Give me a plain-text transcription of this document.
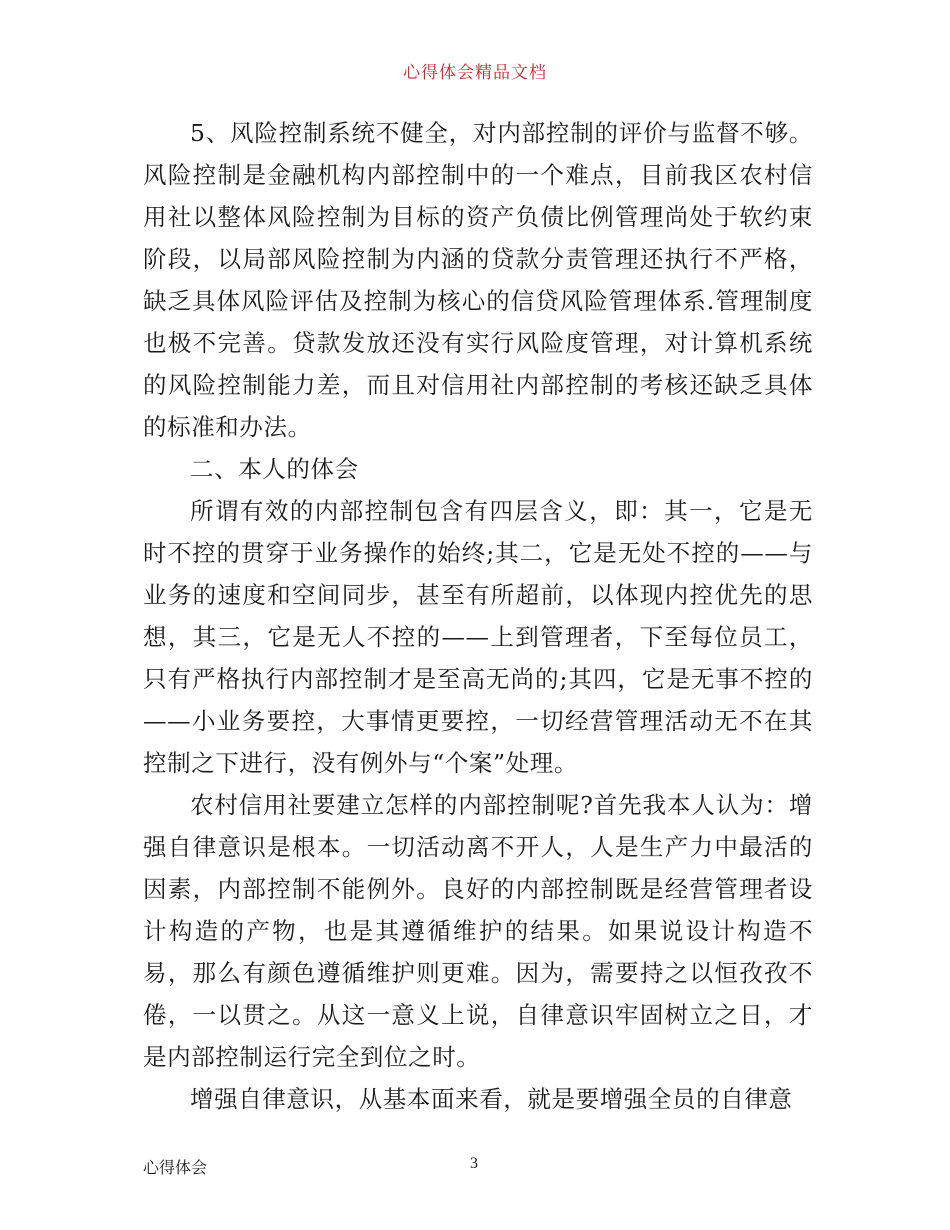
心得体会精品文档

5、风险控制系统不健全，对内部控制的评价与监督不够。风险控制是金融机构内部控制中的一个难点，目前我区农村信用社以整体风险控制为目标的资产负债比例管理尚处于软约束阶段，以局部风险控制为内涵的贷款分责管理还执行不严格，缺乏具体风险评估及控制为核心的信贷风险管理体系.管理制度也极不完善。贷款发放还没有实行风险度管理，对计算机系统的风险控制能力差，而且对信用社内部控制的考核还缺乏具体的标准和办法。

二、本人的体会

所谓有效的内部控制包含有四层含义，即：其一，它是无时不控的贯穿于业务操作的始终;其二，它是无处不控的——与业务的速度和空间同步，甚至有所超前，以体现内控优先的思想，其三，它是无人不控的——上到管理者，下至每位员工，只有严格执行内部控制才是至高无尚的;其四，它是无事不控的——小业务要控，大事情更要控，一切经营管理活动无不在其控制之下进行，没有例外与“个案”处理。

农村信用社要建立怎样的内部控制呢?首先我本人认为：增强自律意识是根本。一切活动离不开人，人是生产力中最活的因素，内部控制不能例外。良好的内部控制既是经营管理者设计构造的产物，也是其遵循维护的结果。如果说设计构造不易，那么有颜色遵循维护则更难。因为，需要持之以恒孜孜不倦，一以贯之。从这一意义上说，自律意识牢固树立之日，才是内部控制运行完全到位之时。

增强自律意识，从基本面来看，就是要增强全员的自律意

心得体会	3
